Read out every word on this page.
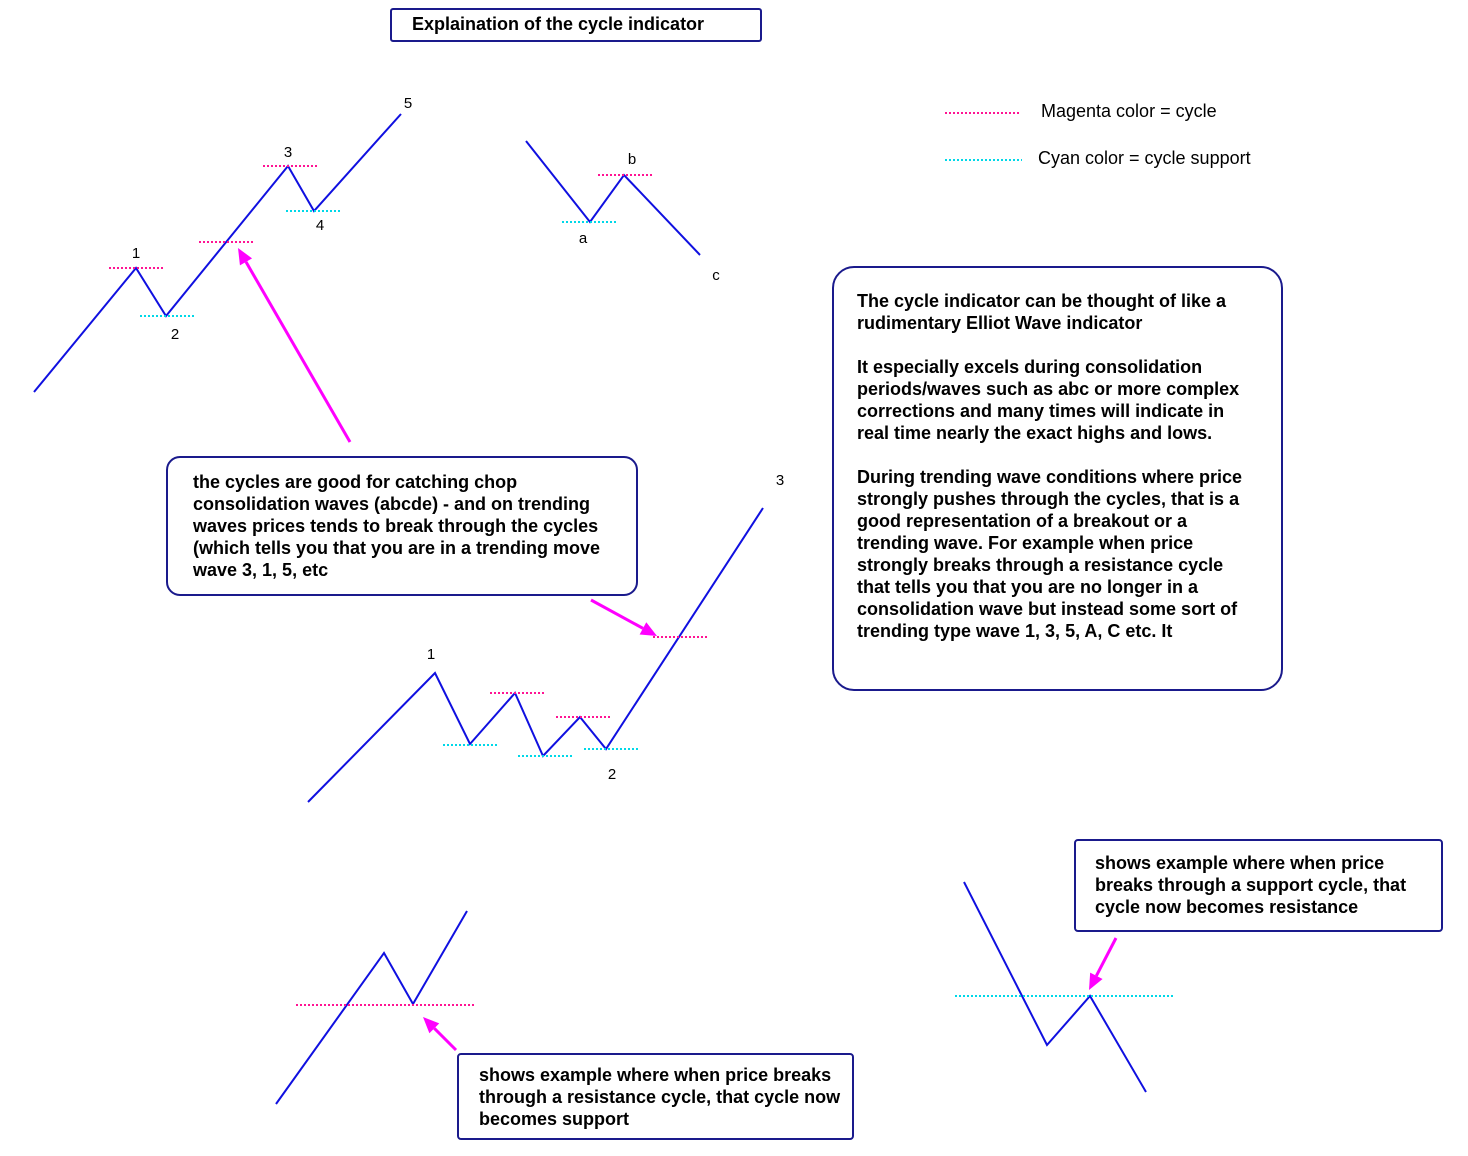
1
2
3
4
5
a
b
c
1
2
3
Explaination of the cycle indicator
Magenta color = cycle
Cyan color = cycle support

The cycle indicator can be thought of like a rudimentary Elliot Wave indicator

It especially excels during consolidation periods/waves such as abc or more complex corrections and many times will indicate in real time nearly the exact highs and lows.

During trending wave conditions where price strongly pushes through the cycles, that is a good representation of a breakout or a trending wave. For example when price strongly breaks through a resistance cycle that tells you that you are no longer in a consolidation wave but instead some sort of trending type wave 1, 3, 5, A, C etc. It

the cycles are good for catching chop consolidation waves (abcde) - and on trending waves prices tends to break through the cycles (which tells you that you are in a trending move wave 3, 1, 5, etc
shows example where when price breaks through a resistance cycle, that cycle now becomes support
shows example where when price breaks through a support cycle, that cycle now becomes resistance
